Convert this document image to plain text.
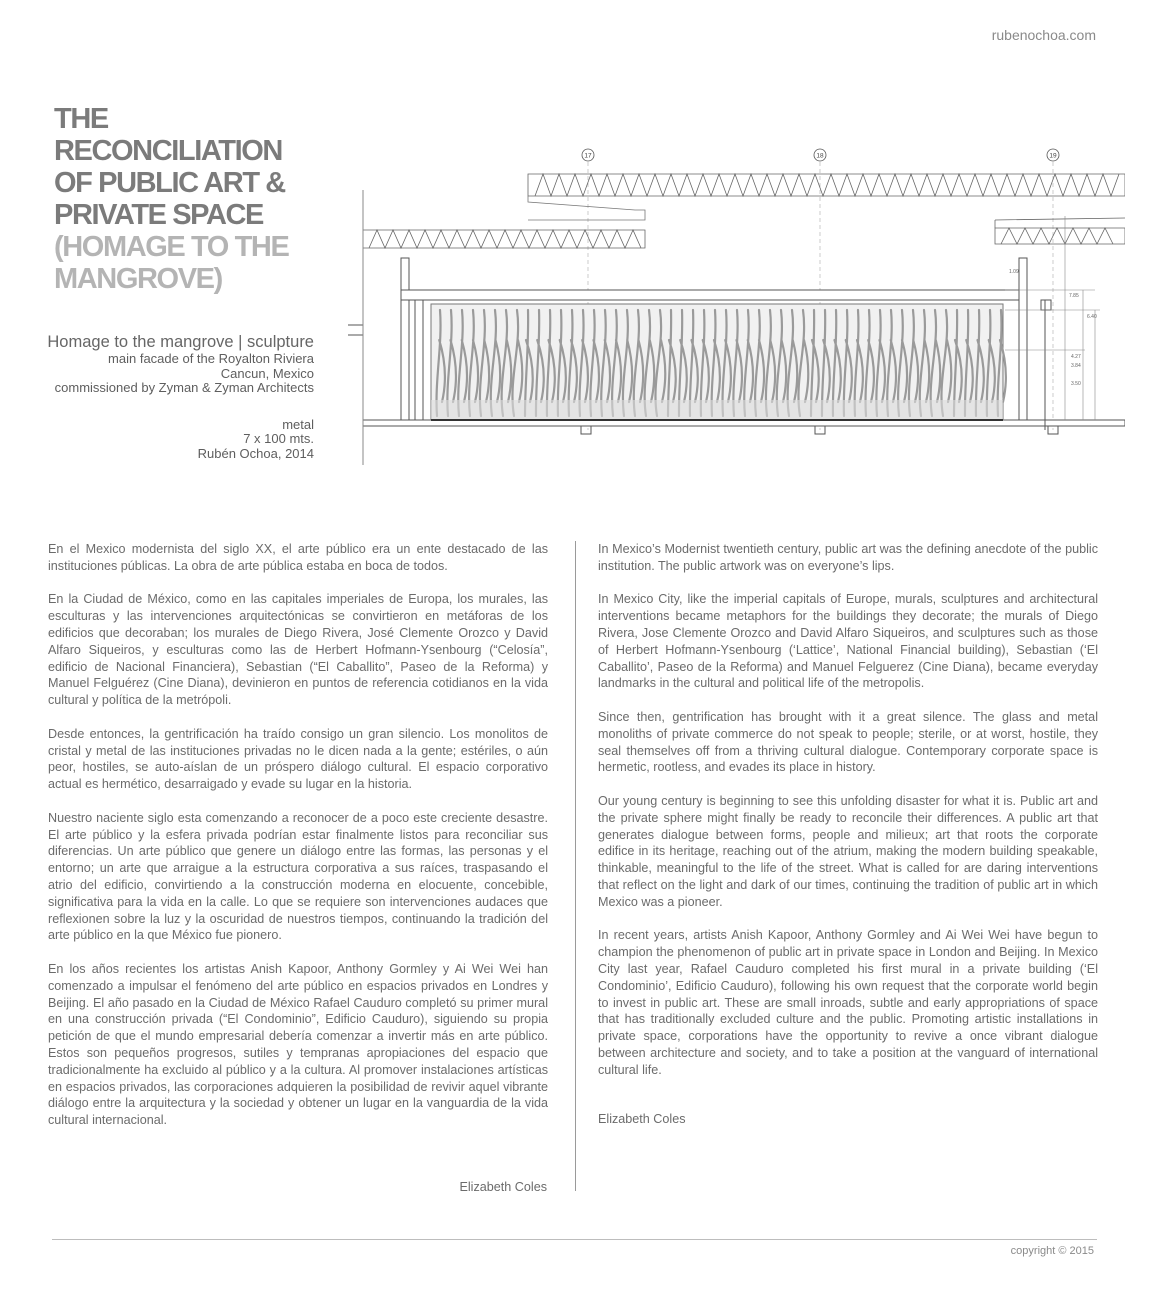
rubenochoa.com
THE
RECONCILIATION
OF PUBLIC ART &
PRIVATE SPACE
(HOMAGE TO THE
MANGROVE)
Homage to the mangrove | sculpture
main facade of the Royalton Riviera
Cancun, Mexico
commissioned by Zyman & Zyman Architects
metal
7 x 100 mts.
Rubén Ochoa, 2014
17	18	19
1.09
7.85
6.40
4.27
3.84
3.50

En el Mexico modernista del siglo XX, el arte público era un ente destacado de las instituciones públicas. La obra de arte pública estaba en boca de todos.

En la Ciudad de México, como en las capitales imperiales de Europa, los murales, las esculturas y las intervenciones arquitectónicas se convirtieron en metáforas de los edificios que decoraban; los murales de Diego Rivera, José Clemente Orozco y David Alfaro Siqueiros, y esculturas como las de Herbert Hofmann-Ysenbourg (“Celosía”, edificio de Nacional Financiera), Sebastian (“El Caballito”, Paseo de la Reforma) y Manuel Felguérez (Cine Diana), devinieron en puntos de referencia cotidianos en la vida cultural y política de la metrópoli.

Desde entonces, la gentrificación ha traído consigo un gran silencio. Los monolitos de cristal y metal de las instituciones privadas no le dicen nada a la gente; estériles, o aún peor, hostiles, se auto-aíslan de un próspero diálogo cultural. El espacio corporativo actual es hermético, desarraigado y evade su lugar en la historia.

Nuestro naciente siglo esta comenzando a reconocer de a poco este creciente desastre. El arte público y la esfera privada podrían estar finalmente listos para reconciliar sus diferencias. Un arte público que genere un diálogo entre las formas, las personas y el entorno; un arte que arraigue a la estructura corporativa a sus raíces, traspasando el atrio del edificio, convirtiendo a la construcción moderna en elocuente, concebible, significativa para la vida en la calle. Lo que se requiere son intervenciones audaces que reflexionen sobre la luz y la oscuridad de nuestros tiempos, continuando la tradición del arte público en la que México fue pionero.

En los años recientes los artistas Anish Kapoor, Anthony Gormley y Ai Wei Wei han comenzado a impulsar el fenómeno del arte público en espacios privados en Londres y Beijing. El año pasado en la Ciudad de México Rafael Cauduro completó su primer mural en una construcción privada (“El Condominio”, Edificio Cauduro), siguiendo su propia petición de que el mundo empresarial debería comenzar a invertir más en arte público. Estos son pequeños progresos, sutiles y tempranas apropiaciones del espacio que tradicionalmente ha excluido al público y a la cultura. Al promover instalaciones artísticas en espacios privados, las corporaciones adquieren la posibilidad de revivir aquel vibrante diálogo entre la arquitectura y la sociedad y obtener un lugar en la vanguardia de la vida cultural internacional.

Elizabeth Coles

In Mexico’s Modernist twentieth century, public art was the defining anecdote of the public institution. The public artwork was on everyone’s lips.

In Mexico City, like the imperial capitals of Europe, murals, sculptures and architectural interventions became metaphors for the buildings they decorate; the murals of Diego Rivera, Jose Clemente Orozco and David Alfaro Siqueiros, and sculptures such as those of Herbert Hofmann-Ysenbourg (‘Lattice’, National Financial building), Sebastian (‘El Caballito’, Paseo de la Reforma) and Manuel Felguerez (Cine Diana), became everyday landmarks in the cultural and political life of the metropolis.

Since then, gentrification has brought with it a great silence. The glass and metal monoliths of private commerce do not speak to people; sterile, or at worst, hostile, they seal themselves off from a thriving cultural dialogue. Contemporary corporate space is hermetic, rootless, and evades its place in history.

Our young century is beginning to see this unfolding disaster for what it is. Public art and the private sphere might finally be ready to reconcile their differences. A public art that generates dialogue between forms, people and milieux; art that roots the corporate edifice in its heritage, reaching out of the atrium, making the modern building speakable, thinkable, meaningful to the life of the street. What is called for are daring interventions that reflect on the light and dark of our times, continuing the tradition of public art in which Mexico was a pioneer.

In recent years, artists Anish Kapoor, Anthony Gormley and Ai Wei Wei have begun to champion the phenomenon of public art in private space in London and Beijing. In Mexico City last year, Rafael Cauduro completed his first mural in a private building (‘El Condominio’, Edificio Cauduro), following his own request that the corporate world begin to invest in public art. These are small inroads, subtle and early appropriations of space that has traditionally excluded culture and the public. Promoting artistic installations in private space, corporations have the opportunity to revive a once vibrant dialogue between architecture and society, and to take a position at the vanguard of international cultural life.

Elizabeth Coles
copyright © 2015
